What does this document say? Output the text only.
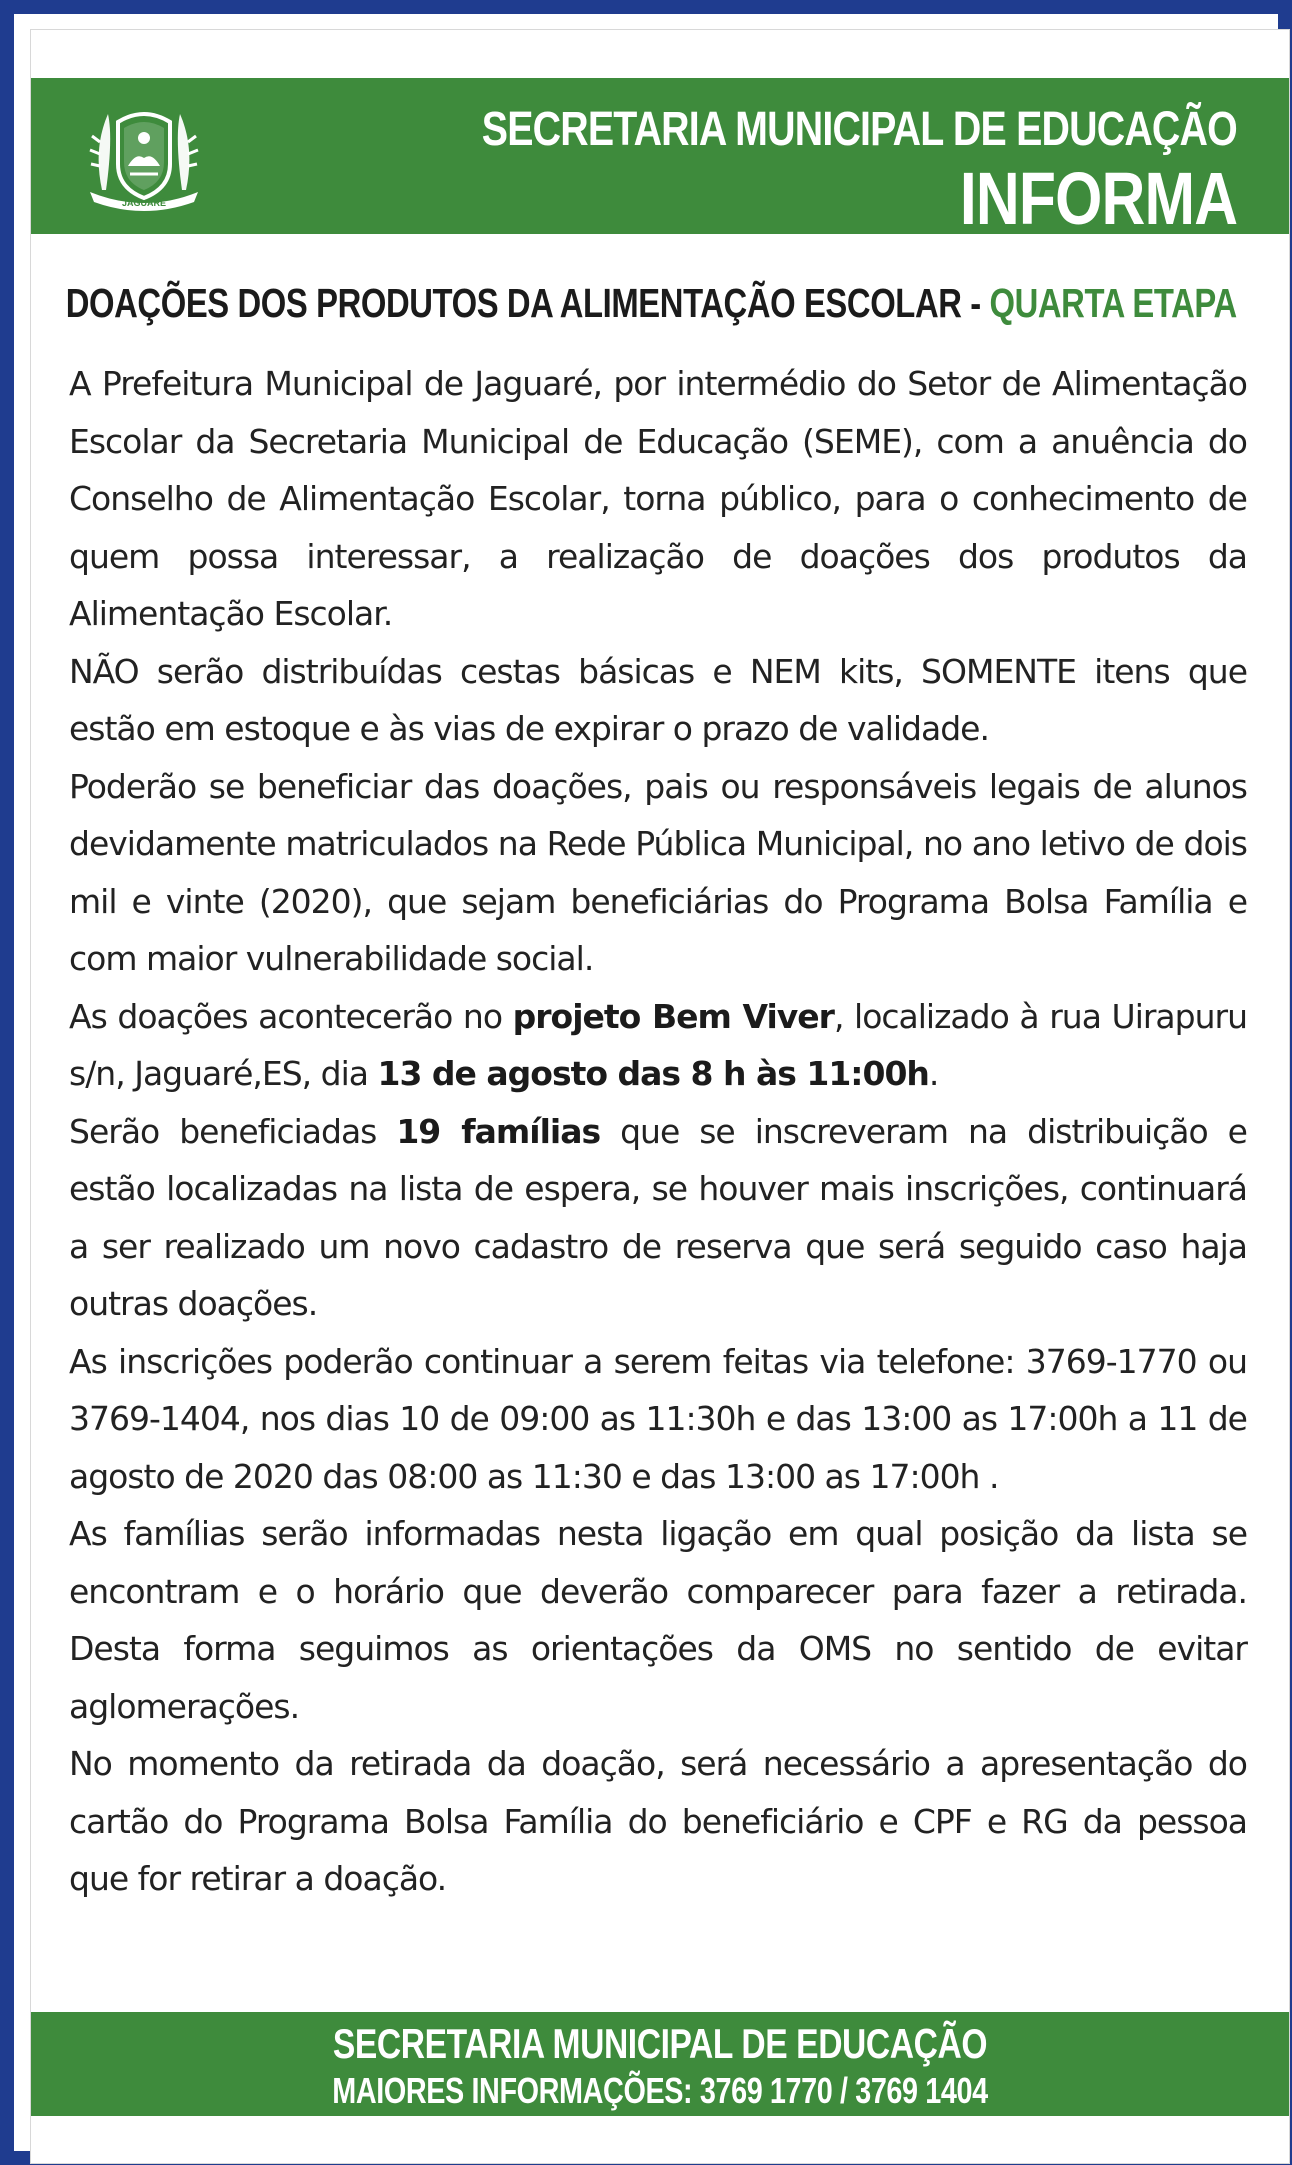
JAGUARÉ
SECRETARIA MUNICIPAL DE EDUCAÇÃO
INFORMA
DOAÇÕES DOS PRODUTOS DA ALIMENTAÇÃO ESCOLAR - QUARTA ETAPA

A Prefeitura Municipal de Jaguaré, por intermédio do Setor de Alimentação Escolar da Secretaria Municipal de Educação (SEME), com a anuência do Conselho de Alimentação Escolar, torna público, para o conhecimento de quem possa interessar, a realização de doações dos produtos da Alimentação Escolar.

NÃO serão distribuídas cestas básicas e NEM kits, SOMENTE itens que estão em estoque e às vias de expirar o prazo de validade.

Poderão se beneficiar das doações, pais ou responsáveis legais de alunos devidamente matriculados na Rede Pública Municipal, no ano letivo de dois mil e vinte (2020), que sejam beneficiárias do Programa Bolsa Família e com maior vulnerabilidade social.

As doações acontecerão no projeto Bem Viver, localizado à rua Uirapuru s/n, Jaguaré,ES, dia 13 de agosto das 8 h às 11:00h.

Serão beneficiadas 19 famílias que se inscreveram na distribuição e estão localizadas na lista de espera, se houver mais inscrições, continuará a ser realizado um novo cadastro de reserva que será seguido caso haja outras doações.

As inscrições poderão continuar a serem feitas via telefone: 3769-1770 ou 3769-1404, nos dias 10 de 09:00 as 11:30h e das 13:00 as 17:00h a 11 de agosto de 2020 das 08:00 as 11:30 e das 13:00 as 17:00h .

As famílias serão informadas nesta ligação em qual posição da lista se encontram e o horário que deverão comparecer para fazer a retirada. Desta forma seguimos as orientações da OMS no sentido de evitar aglomerações.

No momento da retirada da doação, será necessário a apresentação do cartão do Programa Bolsa Família do beneficiário e CPF e RG da pessoa que for retirar a doação.

SECRETARIA MUNICIPAL DE EDUCAÇÃO
MAIORES INFORMAÇÕES: 3769 1770 / 3769 1404
